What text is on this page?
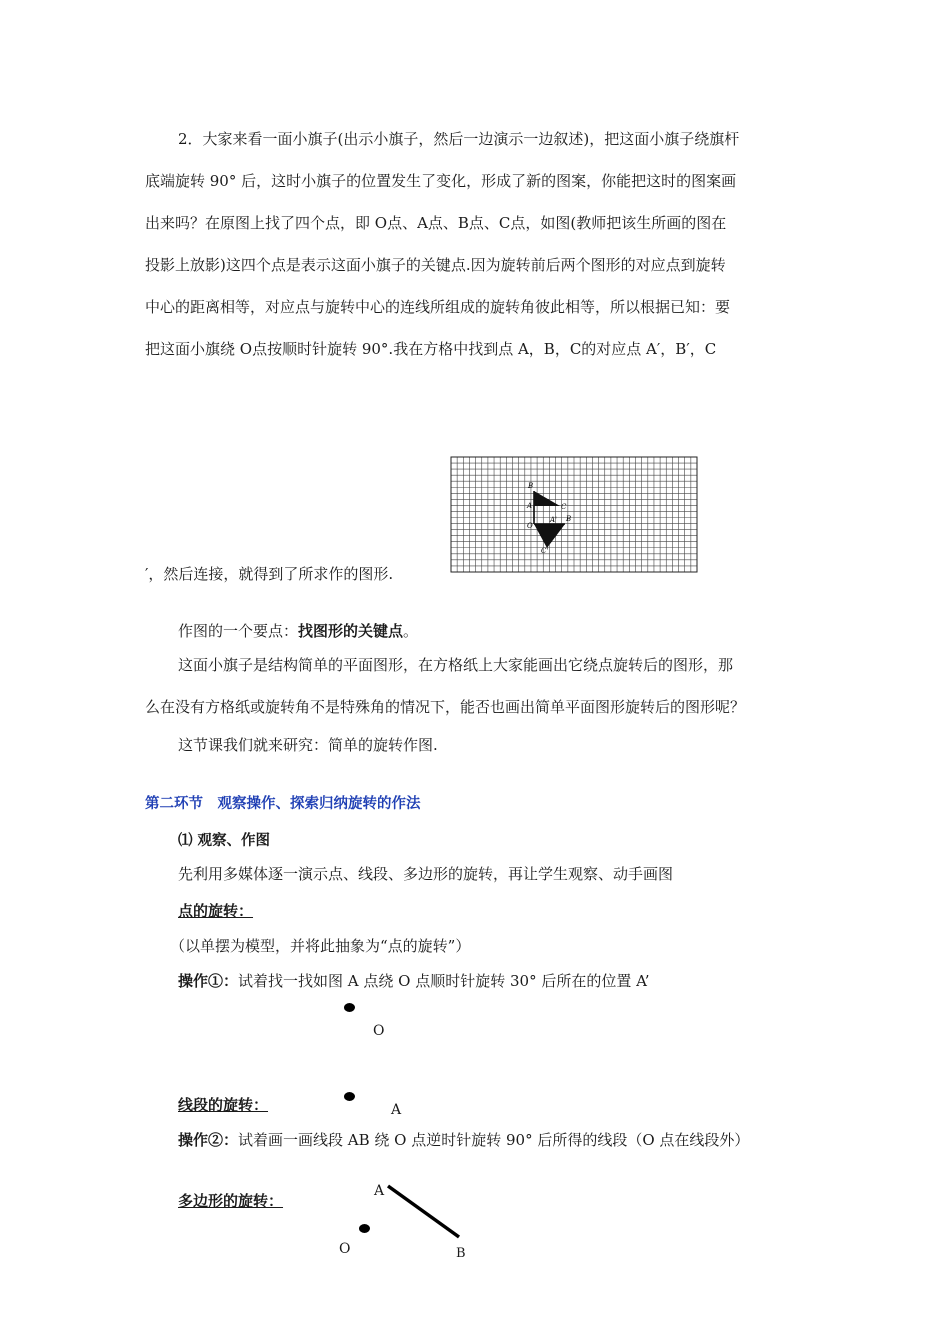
2．大家来看一面小旗子(出示小旗子，然后一边演示一边叙述)，把这面小旗子绕旗杆
底端旋转 90° 后，这时小旗子的位置发生了变化，形成了新的图案，你能把这时的图案画
出来吗？在原图上找了四个点，即 O点、A点、B点、C点，如图(教师把该生所画的图在
投影上放影)这四个点是表示这面小旗子的关键点.因为旋转前后两个图形的对应点到旋转
中心的距离相等，对应点与旋转中心的连线所组成的旋转角彼此相等，所以根据已知：要
把这面小旗绕 O点按顺时针旋转 90°.我在方格中找到点 A，B，C的对应点 A′，B′，C
′，然后连接，就得到了所求作的图形.
B
A	C
O
A' B
C'
作图的一个要点：找图形的关键点。
这面小旗子是结构简单的平面图形，在方格纸上大家能画出它绕点旋转后的图形，那
么在没有方格纸或旋转角不是特殊角的情况下，能否也画出简单平面图形旋转后的图形呢？
这节课我们就来研究：简单的旋转作图.
第二环节　观察操作、探索归纳旋转的作法
⑴ 观察、作图
先利用多媒体逐一演示点、线段、多边形的旋转，再让学生观察、动手画图
点的旋转：
（以单摆为模型，并将此抽象为“点的旋转”）
操作①：试着找一找如图 A 点绕 O 点顺时针旋转 30° 后所在的位置 A’
O
线段的旋转：	A
操作②：试着画一画线段 AB 绕 O 点逆时针旋转 90° 后所得的线段（O 点在线段外）
多边形的旋转：
A
B
O
